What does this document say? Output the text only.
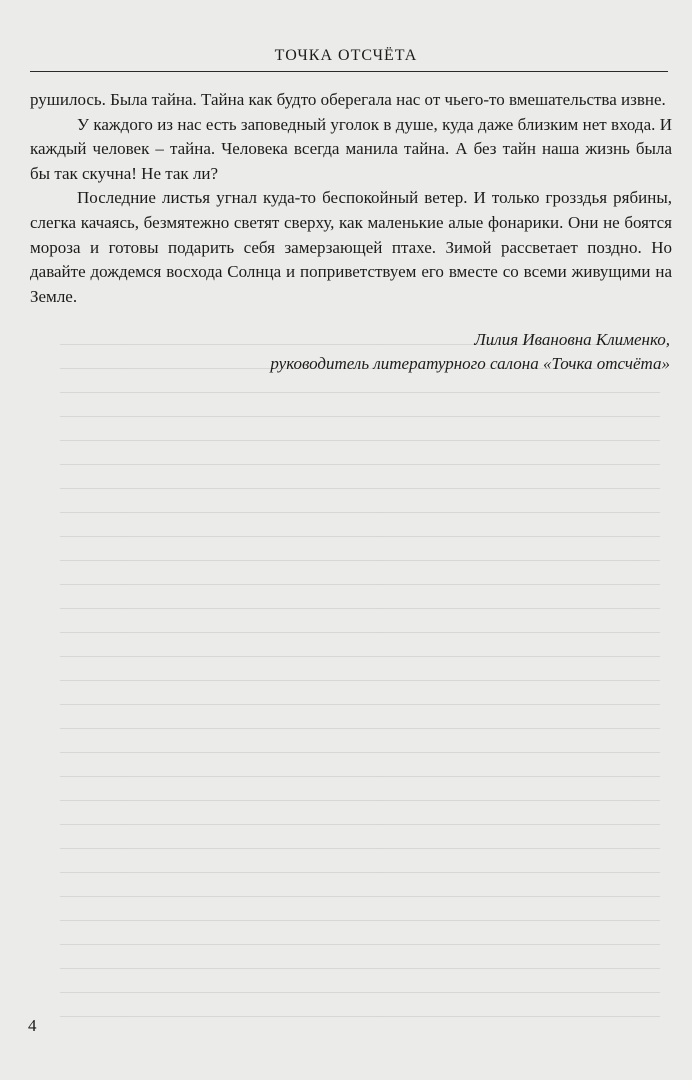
ТОЧКА ОТСЧЁТА

рушилось. Была тайна. Тайна как будто оберегала нас от чьего-то вмешательства извне.

У каждого из нас есть заповедный уголок в душе, куда даже близким нет входа. И каждый человек – тайна. Человека всегда манила тайна. А без тайн наша жизнь была бы так скучна! Не так ли?

Последние листья угнал куда-то беспокойный ветер. И только грозздья рябины, слегка качаясь, безмятежно светят сверху, как маленькие алые фонарики. Они не боятся мороза и готовы подарить себя замерзающей птахе. Зимой рассветает поздно. Но давайте дождемся восхода Солнца и поприветствуем его вместе со всеми живущими на Земле.

Лилия Ивановна Клименко,
руководитель литературного салона «Точка отсчёта»
4
